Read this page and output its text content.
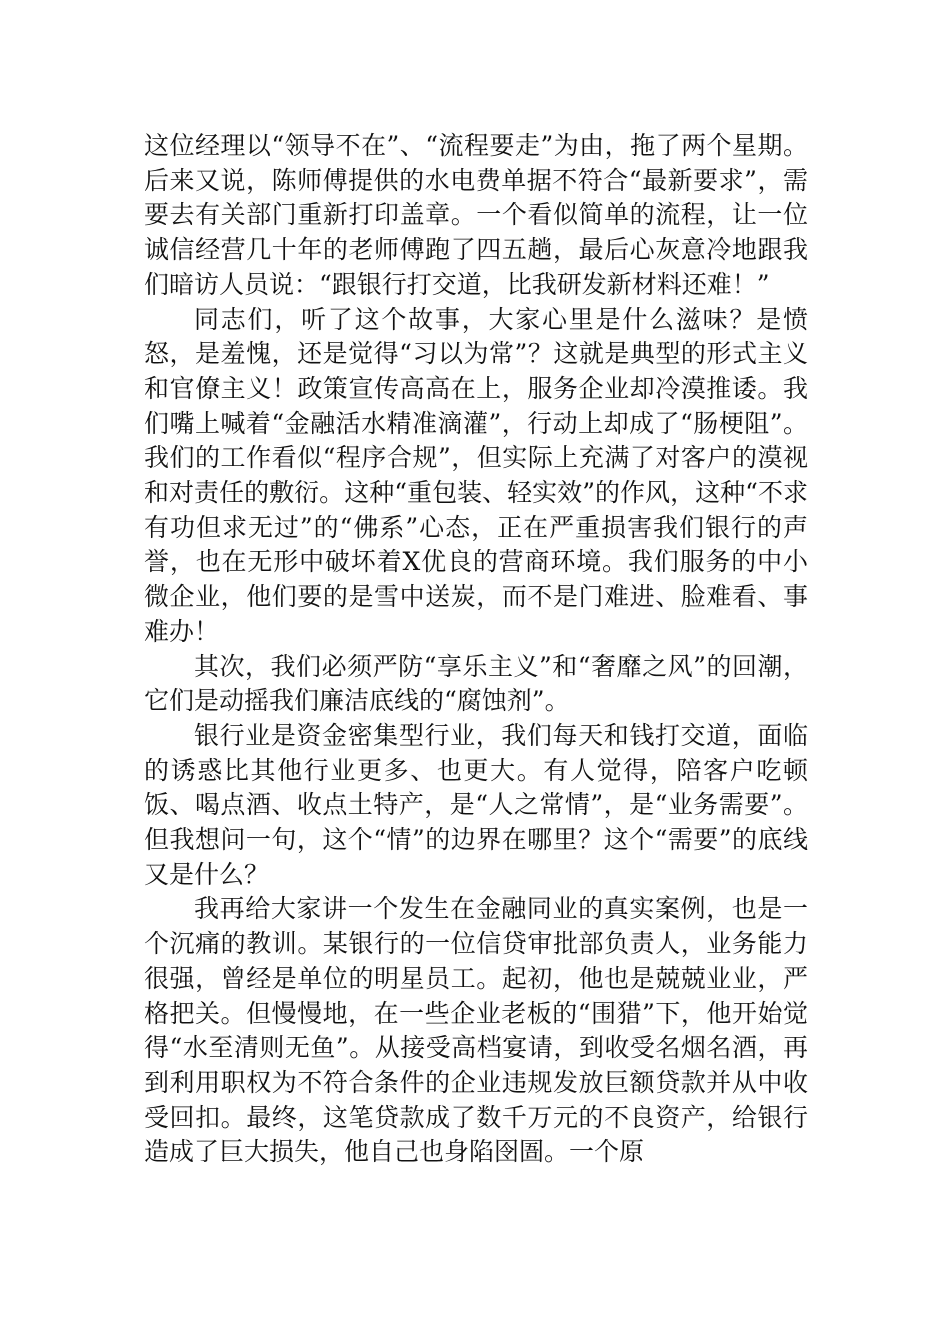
这位经理以“领导不在”、“流程要走”为由，拖了两个星期。后来又说，陈师傅提供的水电费单据不符合“最新要求”，需要去有关部门重新打印盖章。一个看似简单的流程，让一位诚信经营几十年的老师傅跑了四五趟，最后心灰意冷地跟我们暗访人员说：“跟银行打交道，比我研发新材料还难！”

同志们，听了这个故事，大家心里是什么滋味？是愤怒，是羞愧，还是觉得“习以为常”？这就是典型的形式主义和官僚主义！政策宣传高高在上，服务企业却冷漠推诿。我们嘴上喊着“金融活水精准滴灌”，行动上却成了“肠梗阻”。我们的工作看似“程序合规”，但实际上充满了对客户的漠视和对责任的敷衍。这种“重包装、轻实效”的作风，这种“不求有功但求无过”的“佛系”心态，正在严重损害我们银行的声誉，也在无形中破坏着X优良的营商环境。我们服务的中小微企业，他们要的是雪中送炭，而不是门难进、脸难看、事难办！

其次，我们必须严防“享乐主义”和“奢靡之风”的回潮，它们是动摇我们廉洁底线的“腐蚀剂”。

银行业是资金密集型行业，我们每天和钱打交道，面临的诱惑比其他行业更多、也更大。有人觉得，陪客户吃顿饭、喝点酒、收点土特产，是“人之常情”，是“业务需要”。但我想问一句，这个“情”的边界在哪里？这个“需要”的底线又是什么？

我再给大家讲一个发生在金融同业的真实案例，也是一个沉痛的教训。某银行的一位信贷审批部负责人，业务能力很强，曾经是单位的明星员工。起初，他也是兢兢业业，严格把关。但慢慢地，在一些企业老板的“围猎”下，他开始觉得“水至清则无鱼”。从接受高档宴请，到收受名烟名酒，再到利用职权为不符合条件的企业违规发放巨额贷款并从中收受回扣。最终，这笔贷款成了数千万元的不良资产，给银行造成了巨大损失，他自己也身陷囹圄。一个原
